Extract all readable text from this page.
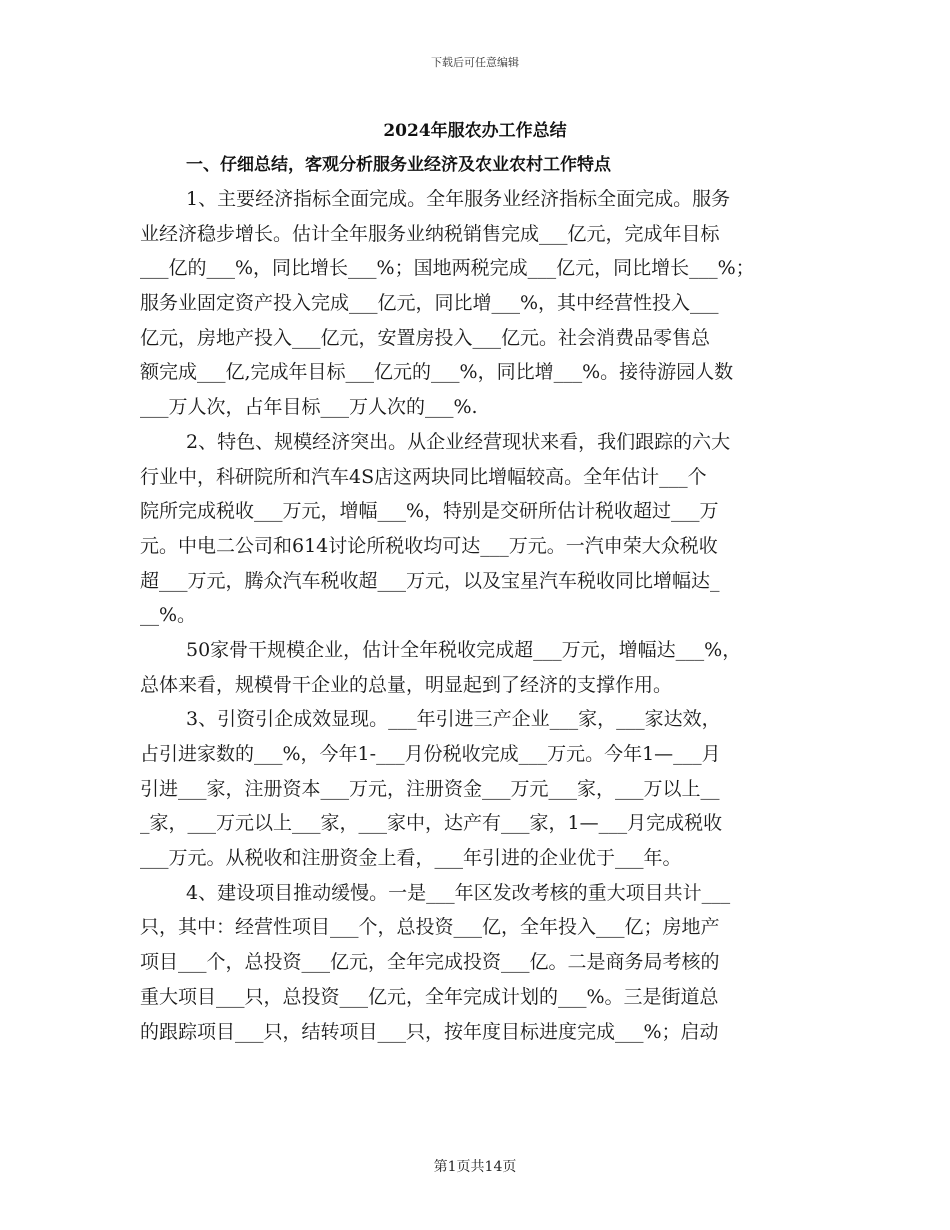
下载后可任意编辑
2024年服农办工作总结
一、仔细总结，客观分析服务业经济及农业农村工作特点
1、主要经济指标全面完成。全年服务业经济指标全面完成。服务
业经济稳步增长。估计全年服务业纳税销售完成___亿元，完成年目标
___亿的___%，同比增长___%；国地两税完成___亿元，同比增长___%；
服务业固定资产投入完成___亿元，同比增___%，其中经营性投入___
亿元，房地产投入___亿元，安置房投入___亿元。社会消费品零售总
额完成___亿,完成年目标___亿元的___%，同比增___%。接待游园人数
___万人次，占年目标___万人次的___%.
2、特色、规模经济突出。从企业经营现状来看，我们跟踪的六大
行业中，科研院所和汽车4S店这两块同比增幅较高。全年估计___个
院所完成税收___万元，增幅___%，特别是交研所估计税收超过___万
元。中电二公司和614讨论所税收均可达___万元。一汽申荣大众税收
超___万元，腾众汽车税收超___万元，以及宝星汽车税收同比增幅达_
__%。
50家骨干规模企业，估计全年税收完成超___万元，增幅达___%，
总体来看，规模骨干企业的总量，明显起到了经济的支撑作用。
3、引资引企成效显现。___年引进三产企业___家，___家达效，
占引进家数的___%，今年1-___月份税收完成___万元。今年1—___月
引进___家，注册资本___万元，注册资金___万元___家，___万以上__
_家，___万元以上___家，___家中，达产有___家，1—___月完成税收
___万元。从税收和注册资金上看，___年引进的企业优于___年。
4、建设项目推动缓慢。一是___年区发改考核的重大项目共计___
只，其中：经营性项目___个，总投资___亿，全年投入___亿；房地产
项目___个，总投资___亿元，全年完成投资___亿。二是商务局考核的
重大项目___只，总投资___亿元，全年完成计划的___%。三是街道总
的跟踪项目___只，结转项目___只，按年度目标进度完成___%；启动
第1页共14页
